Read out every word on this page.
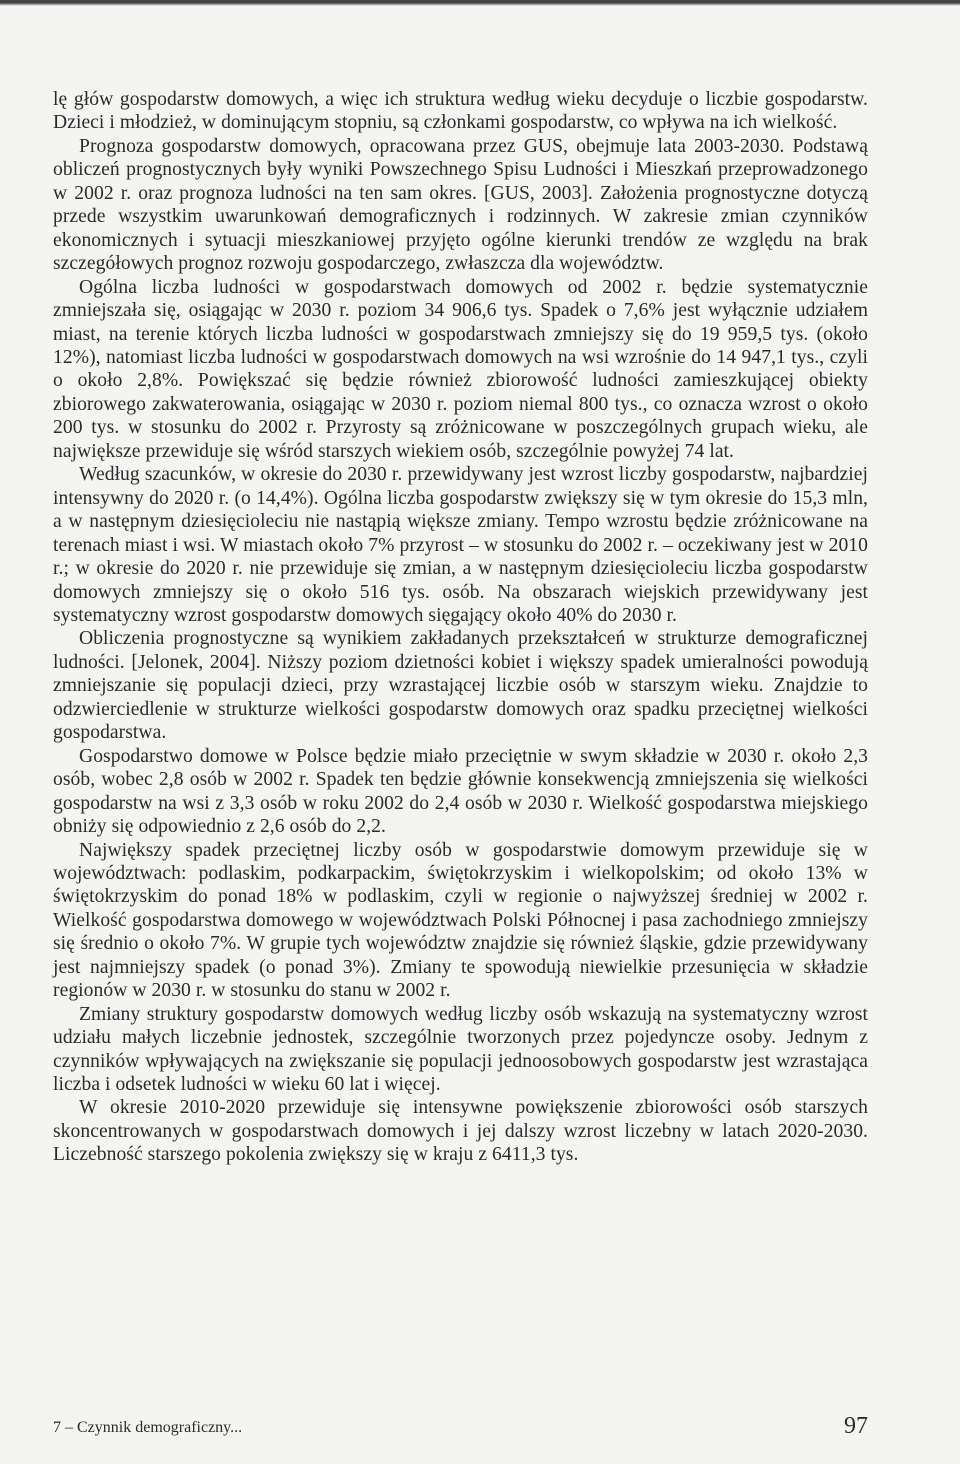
lę głów gospodarstw domowych, a więc ich struktura według wieku decyduje o liczbie gospodarstw. Dzieci i młodzież, w dominującym stopniu, są członkami gospodarstw, co wpływa na ich wielkość.

Prognoza gospodarstw domowych, opracowana przez GUS, obejmuje lata 2003-2030. Podstawą obliczeń prognostycznych były wyniki Powszechnego Spisu Ludności i Mieszkań przeprowadzonego w 2002 r. oraz prognoza ludności na ten sam okres. [GUS, 2003]. Założenia prognostyczne dotyczą przede wszystkim uwarunkowań demograficznych i rodzinnych. W zakresie zmian czynników ekonomicznych i sytuacji mieszkaniowej przyjęto ogólne kierunki trendów ze względu na brak szczegółowych prognoz rozwoju gospodarczego, zwłaszcza dla województw.

Ogólna liczba ludności w gospodarstwach domowych od 2002 r. będzie systematycznie zmniejszała się, osiągając w 2030 r. poziom 34 906,6 tys. Spadek o 7,6% jest wyłącznie udziałem miast, na terenie których liczba ludności w gospodarstwach zmniejszy się do 19 959,5 tys. (około 12%), natomiast liczba ludności w gospodarstwach domowych na wsi wzrośnie do 14 947,1 tys., czyli o około 2,8%. Powiększać się będzie również zbiorowość ludności zamieszkującej obiekty zbiorowego zakwaterowania, osiągając w 2030 r. poziom niemal 800 tys., co oznacza wzrost o około 200 tys. w stosunku do 2002 r. Przyrosty są zróżnicowane w poszczególnych grupach wieku, ale największe przewiduje się wśród starszych wiekiem osób, szczególnie powyżej 74 lat.

Według szacunków, w okresie do 2030 r. przewidywany jest wzrost liczby gospodarstw, najbardziej intensywny do 2020 r. (o 14,4%). Ogólna liczba gospodarstw zwiększy się w tym okresie do 15,3 mln, a w następnym dziesięcioleciu nie nastąpią większe zmiany. Tempo wzrostu będzie zróżnicowane na terenach miast i wsi. W miastach około 7% przyrost – w stosunku do 2002 r. – oczekiwany jest w 2010 r.; w okresie do 2020 r. nie przewiduje się zmian, a w następnym dziesięcioleciu liczba gospodarstw domowych zmniejszy się o około 516 tys. osób. Na obszarach wiejskich przewidywany jest systematyczny wzrost gospodarstw domowych sięgający około 40% do 2030 r.

Obliczenia prognostyczne są wynikiem zakładanych przekształceń w strukturze demograficznej ludności. [Jelonek, 2004]. Niższy poziom dzietności kobiet i większy spadek umieralności powodują zmniejszanie się populacji dzieci, przy wzrastającej liczbie osób w starszym wieku. Znajdzie to odzwierciedlenie w strukturze wielkości gospodarstw domowych oraz spadku przeciętnej wielkości gospodarstwa.

Gospodarstwo domowe w Polsce będzie miało przeciętnie w swym składzie w 2030 r. około 2,3 osób, wobec 2,8 osób w 2002 r. Spadek ten będzie głównie konsekwencją zmniejszenia się wielkości gospodarstw na wsi z 3,3 osób w roku 2002 do 2,4 osób w 2030 r. Wielkość gospodarstwa miejskiego obniży się odpowiednio z 2,6 osób do 2,2.

Największy spadek przeciętnej liczby osób w gospodarstwie domowym przewiduje się w województwach: podlaskim, podkarpackim, świętokrzyskim i wielkopolskim; od około 13% w świętokrzyskim do ponad 18% w podlaskim, czyli w regionie o najwyższej średniej w 2002 r. Wielkość gospodarstwa domowego w województwach Polski Północnej i pasa zachodniego zmniejszy się średnio o około 7%. W grupie tych województw znajdzie się również śląskie, gdzie przewidywany jest najmniejszy spadek (o ponad 3%). Zmiany te spowodują niewielkie przesunięcia w składzie regionów w 2030 r. w stosunku do stanu w 2002 r.

Zmiany struktury gospodarstw domowych według liczby osób wskazują na systematyczny wzrost udziału małych liczebnie jednostek, szczególnie tworzonych przez pojedyncze osoby. Jednym z czynników wpływających na zwiększanie się populacji jednoosobowych gospodarstw jest wzrastająca liczba i odsetek ludności w wieku 60 lat i więcej.

W okresie 2010-2020 przewiduje się intensywne powiększenie zbiorowości osób starszych skoncentrowanych w gospodarstwach domowych i jej dalszy wzrost liczebny w latach 2020-2030. Liczebność starszego pokolenia zwiększy się w kraju z 6411,3 tys.

7 – Czynnik demograficzny...	97
